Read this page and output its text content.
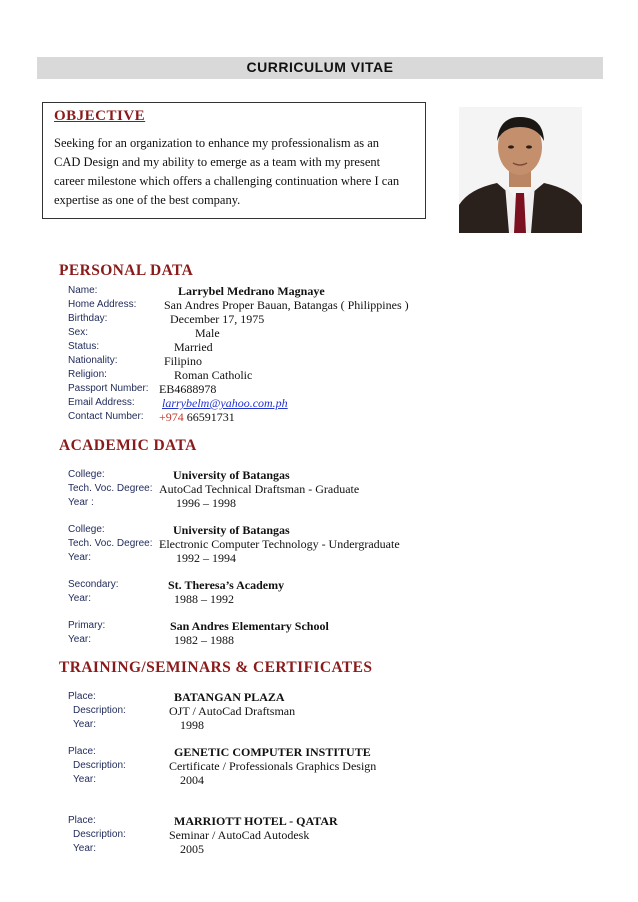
CURRICULUM VITAE
OBJECTIVE
Seeking for an organization to enhance my professionalism as an
CAD Design and my ability to emerge as a team with my present
career milestone which offers a challenging continuation where I can
expertise as one of the best company.
PERSONAL DATA
Name:	Larrybel Medrano Magnaye
Home Address: San Andres Proper Bauan, Batangas ( Philippines )
Birthday:	December 17, 1975
Sex:	Male
Status:	Married
Nationality:	Filipino
Religion:	Roman Catholic
Passport Number: EB4688978
Email Address: larrybelm@yahoo.com.ph
Contact Number: +974 66591731
ACADEMIC DATA
College:	University of Batangas
Tech. Voc. Degree: AutoCad Technical Draftsman - Graduate
Year :	1996 – 1998
College:	University of Batangas
Tech. Voc. Degree: Electronic Computer Technology - Undergraduate
Year:	1992 – 1994
Secondary:	St. Theresa’s Academy
Year:	1988 – 1992
Primary:	San Andres Elementary School
Year:	1982 – 1988
TRAINING/SEMINARS & CERTIFICATES
Place:	BATANGAN PLAZA
Description:	OJT / AutoCad Draftsman
Year:	1998
Place:	GENETIC COMPUTER INSTITUTE
Description:	Certificate / Professionals Graphics Design
Year:	2004
Place:	MARRIOTT HOTEL - QATAR
Description:	Seminar / AutoCad Autodesk
Year:	2005
